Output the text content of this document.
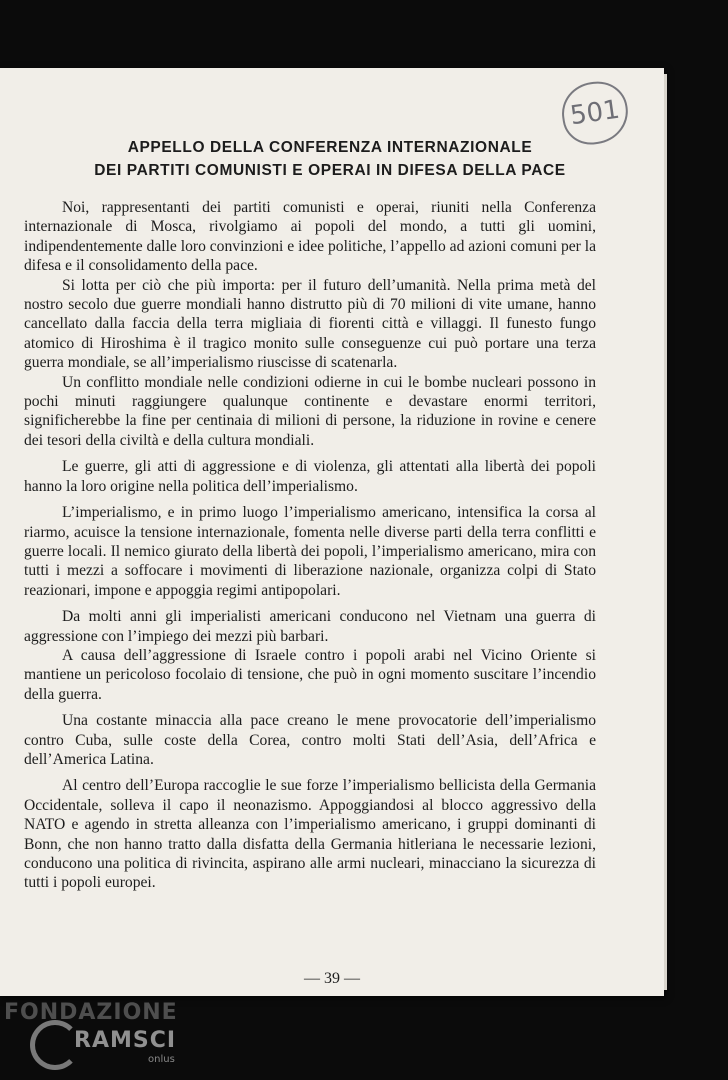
501
APPELLO DELLA CONFERENZA INTERNAZIONALE
DEI PARTITI COMUNISTI E OPERAI IN DIFESA DELLA PACE

Noi, rappresentanti dei partiti comunisti e operai, riuniti nella Conferenza internazionale di Mosca, rivolgiamo ai popoli del mondo, a tutti gli uomini, indipendentemente dalle loro convinzioni e idee politiche, l’appello ad azioni comuni per la difesa e il consolidamento della pace.

Si lotta per ciò che più importa: per il futuro dell’umanità. Nella prima metà del nostro secolo due guerre mondiali hanno distrutto più di 70 milioni di vite umane, hanno cancellato dalla faccia della terra migliaia di fiorenti città e villaggi. Il funesto fungo atomico di Hiroshima è il tragico monito sulle conseguenze cui può portare una terza guerra mondiale, se all’imperialismo riuscisse di scatenarla.

Un conflitto mondiale nelle condizioni odierne in cui le bombe nucleari possono in pochi minuti raggiungere qualunque continente e devastare enormi territori, significherebbe la fine per centinaia di milioni di persone, la riduzione in rovine e cenere dei tesori della civiltà e della cultura mondiali.

Le guerre, gli atti di aggressione e di violenza, gli attentati alla libertà dei popoli hanno la loro origine nella politica dell’imperialismo.

L’imperialismo, e in primo luogo l’imperialismo americano, intensifica la corsa al riarmo, acuisce la tensione internazionale, fomenta nelle diverse parti della terra conflitti e guerre locali. Il nemico giurato della libertà dei popoli, l’imperialismo americano, mira con tutti i mezzi a soffocare i movimenti di liberazione nazionale, organizza colpi di Stato reazionari, impone e appoggia regimi antipopolari.

Da molti anni gli imperialisti americani conducono nel Vietnam una guerra di aggressione con l’impiego dei mezzi più barbari.

A causa dell’aggressione di Israele contro i popoli arabi nel Vicino Oriente si mantiene un pericoloso focolaio di tensione, che può in ogni momento suscitare l’incendio della guerra.

Una costante minaccia alla pace creano le mene provocatorie dell’imperialismo contro Cuba, sulle coste della Corea, contro molti Stati dell’Asia, dell’Africa e dell’America Latina.

Al centro dell’Europa raccoglie le sue forze l’imperialismo bellicista della Germania Occidentale, solleva il capo il neonazismo. Appoggiandosi al blocco aggressivo della NATO e agendo in stretta alleanza con l’imperialismo americano, i gruppi dominanti di Bonn, che non hanno tratto dalla disfatta della Germania hitleriana le necessarie lezioni, conducono una politica di rivincita, aspirano alle armi nucleari, minacciano la sicurezza di tutti i popoli europei.

— 39 —
FONDAZIONE
RAMSCI
onlus
